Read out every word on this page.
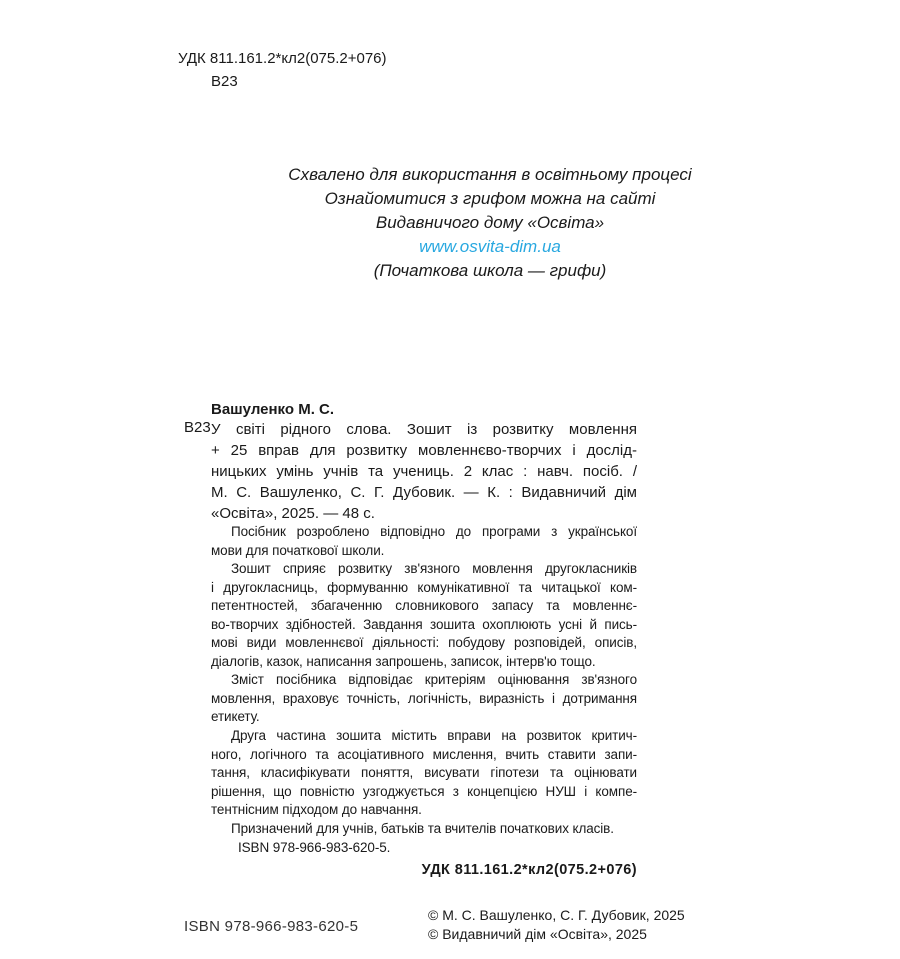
УДК 811.161.2*кл2(075.2+076)
В23
Схвалено для використання в освітньому процесі
Ознайомитися з грифом можна на сайті
Видавничого дому «Освіта»
www.osvita-dim.ua
(Початкова школа — грифи)
Вашуленко М. С.
В23 У світі рідного слова. Зошит із розвитку мовлення
+ 25 вправ для розвитку мовленнєво-творчих і дослід-
ницьких умінь учнів та учениць. 2 клас : навч. посіб. /
М. С. Вашуленко, С. Г. Дубовик. — К. : Видавничий дім
«Освіта», 2025. — 48 с.
Посібник розроблено відповідно до програми з української
мови для початкової школи.
Зошит сприяє розвитку зв'язного мовлення другокласників
і другокласниць, формуванню комунікативної та читацької ком-
петентностей, збагаченню словникового запасу та мовленнє-
во-творчих здібностей. Завдання зошита охоплюють усні й пись-
мові види мовленнєвої діяльності: побудову розповідей, описів,
діалогів, казок, написання запрошень, записок, інтерв'ю тощо.
Зміст посібника відповідає критеріям оцінювання зв'язного
мовлення, враховує точність, логічність, виразність і дотримання
етикету.
Друга частина зошита містить вправи на розвиток критич-
ного, логічного та асоціативного мислення, вчить ставити запи-
тання, класифікувати поняття, висувати гіпотези та оцінювати
рішення, що повністю узгоджується з концепцією НУШ і компе-
тентнісним підходом до навчання.
Призначений для учнів, батьків та вчителів початкових класів.
ISBN 978-966-983-620-5.
УДК 811.161.2*кл2(075.2+076)
ISBN 978-966-983-620-5
© М. С. Вашуленко, С. Г. Дубовик, 2025
© Видавничий дім «Освіта», 2025
